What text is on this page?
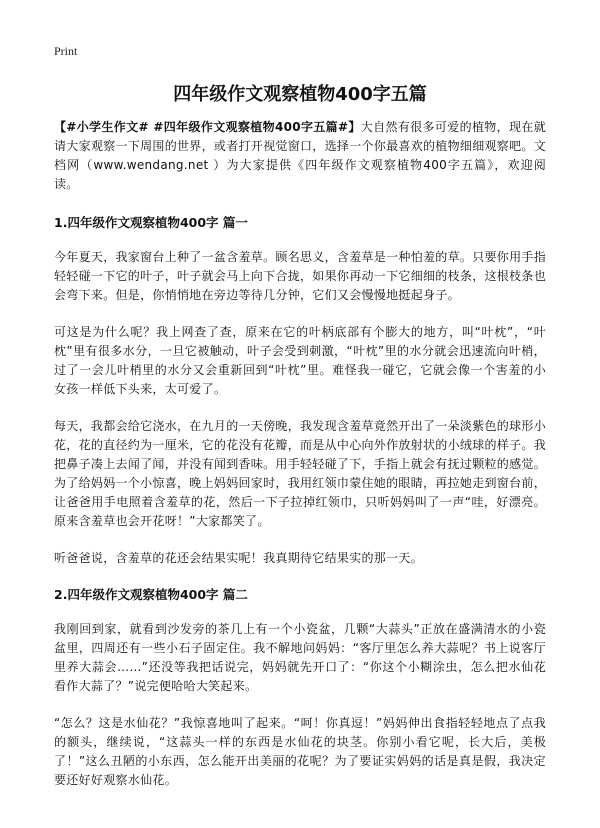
Print
四年级作文观察植物400字五篇

【#小学生作文# #四年级作文观察植物400字五篇#】大自然有很多可爱的植物，现在就请大家观察一下周围的世界，或者打开视觉窗口，选择一个你最喜欢的植物细细观察吧。文档网（www.wendang.net ）为大家提供《四年级作文观察植物400字五篇》，欢迎阅读。

1.四年级作文观察植物400字 篇一

今年夏天，我家窗台上种了一盆含羞草。顾名思义，含羞草是一种怕羞的草。只要你用手指轻轻碰一下它的叶子，叶子就会马上向下合拢，如果你再动一下它细细的枝条，这根枝条也会弯下来。但是，你悄悄地在旁边等待几分钟，它们又会慢慢地挺起身子。

可这是为什么呢？我上网查了查，原来在它的叶柄底部有个膨大的地方，叫“叶枕”，“叶枕”里有很多水分，一旦它被触动，叶子会受到刺激，“叶枕”里的水分就会迅速流向叶梢，过了一会儿叶梢里的水分又会重新回到“叶枕”里。难怪我一碰它，它就会像一个害羞的小女孩一样低下头来，太可爱了。

每天，我都会给它浇水，在九月的一天傍晚，我发现含羞草竟然开出了一朵淡紫色的球形小花，花的直径约为一厘米，它的花没有花瓣，而是从中心向外作放射状的小绒球的样子。我把鼻子凑上去闻了闻，并没有闻到香味。用手轻轻碰了下，手指上就会有抚过颗粒的感觉。为了给妈妈一个小惊喜，晚上妈妈回家时，我用红领巾蒙住她的眼睛，再拉她走到窗台前，让爸爸用手电照着含羞草的花，然后一下子拉掉红领巾，只听妈妈叫了一声“哇，好漂亮。原来含羞草也会开花呀！”大家都笑了。

听爸爸说，含羞草的花还会结果实呢！我真期待它结果实的那一天。

2.四年级作文观察植物400字 篇二

我刚回到家，就看到沙发旁的茶几上有一个小瓷盆，几颗“大蒜头”正放在盛满清水的小瓷盆里，四周还有一些小石子固定住。我不解地问妈妈：“客厅里怎么养大蒜呢？书上说客厅里养大蒜会……”还没等我把话说完，妈妈就先开口了：“你这个小糊涂虫，怎么把水仙花看作大蒜了？”说完便哈哈大笑起来。

“怎么？这是水仙花？”我惊喜地叫了起来。“呵！你真逗！”妈妈伸出食指轻轻地点了点我的额头，继续说，“这蒜头一样的东西是水仙花的块茎。你别小看它呢，长大后，美极了！”这么丑陋的小东西，怎么能开出美丽的花呢？为了要证实妈妈的话是真是假，我决定要还好好观察水仙花。
